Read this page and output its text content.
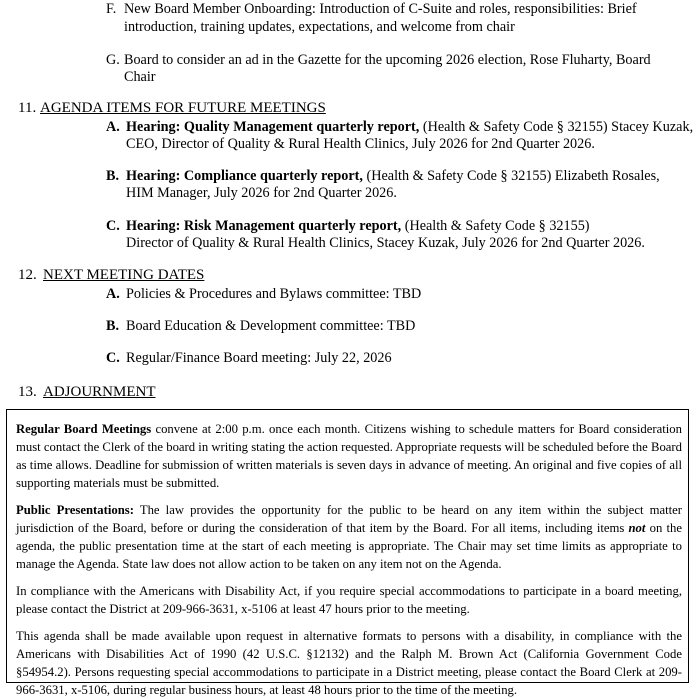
F. New Board Member Onboarding: Introduction of C-Suite and roles, responsibilities: Brief
introduction, training updates, expectations, and welcome from chair
G. Board to consider an ad in the Gazette for the upcoming 2026 election, Rose Fluharty, Board
Chair
11. AGENDA ITEMS FOR FUTURE MEETINGS
A. Hearing: Quality Management quarterly report, (Health & Safety Code § 32155) Stacey Kuzak,
CEO, Director of Quality & Rural Health Clinics, July 2026 for 2nd Quarter 2026.
B. Hearing: Compliance quarterly report, (Health & Safety Code § 32155) Elizabeth Rosales,
HIM Manager, July 2026 for 2nd Quarter 2026.
C. Hearing: Risk Management quarterly report, (Health & Safety Code § 32155)
Director of Quality & Rural Health Clinics, Stacey Kuzak, July 2026 for 2nd Quarter 2026.
12. NEXT MEETING DATES
A. Policies & Procedures and Bylaws committee: TBD
B. Board Education & Development committee: TBD
C. Regular/Finance Board meeting: July 22, 2026
13. ADJOURNMENT

Regular Board Meetings convene at 2:00 p.m. once each month. Citizens wishing to schedule matters for Board consideration must contact the Clerk of the board in writing stating the action requested. Appropriate requests will be scheduled before the Board as time allows. Deadline for submission of written materials is seven days in advance of meeting. An original and five copies of all supporting materials must be submitted.

Public Presentations: The law provides the opportunity for the public to be heard on any item within the subject matter jurisdiction of the Board, before or during the consideration of that item by the Board. For all items, including items not on the agenda, the public presentation time at the start of each meeting is appropriate. The Chair may set time limits as appropriate to manage the Agenda. State law does not allow action to be taken on any item not on the Agenda.

In compliance with the Americans with Disability Act, if you require special accommodations to participate in a board meeting, please contact the District at 209-966-3631, x-5106 at least 47 hours prior to the meeting.

This agenda shall be made available upon request in alternative formats to persons with a disability, in compliance with the Americans with Disabilities Act of 1990 (42 U.S.C. §12132) and the Ralph M. Brown Act (California Government Code §54954.2). Persons requesting special accommodations to participate in a District meeting, please contact the Board Clerk at 209-966-3631, x-5106, during regular business hours, at least 48 hours prior to the time of the meeting.
